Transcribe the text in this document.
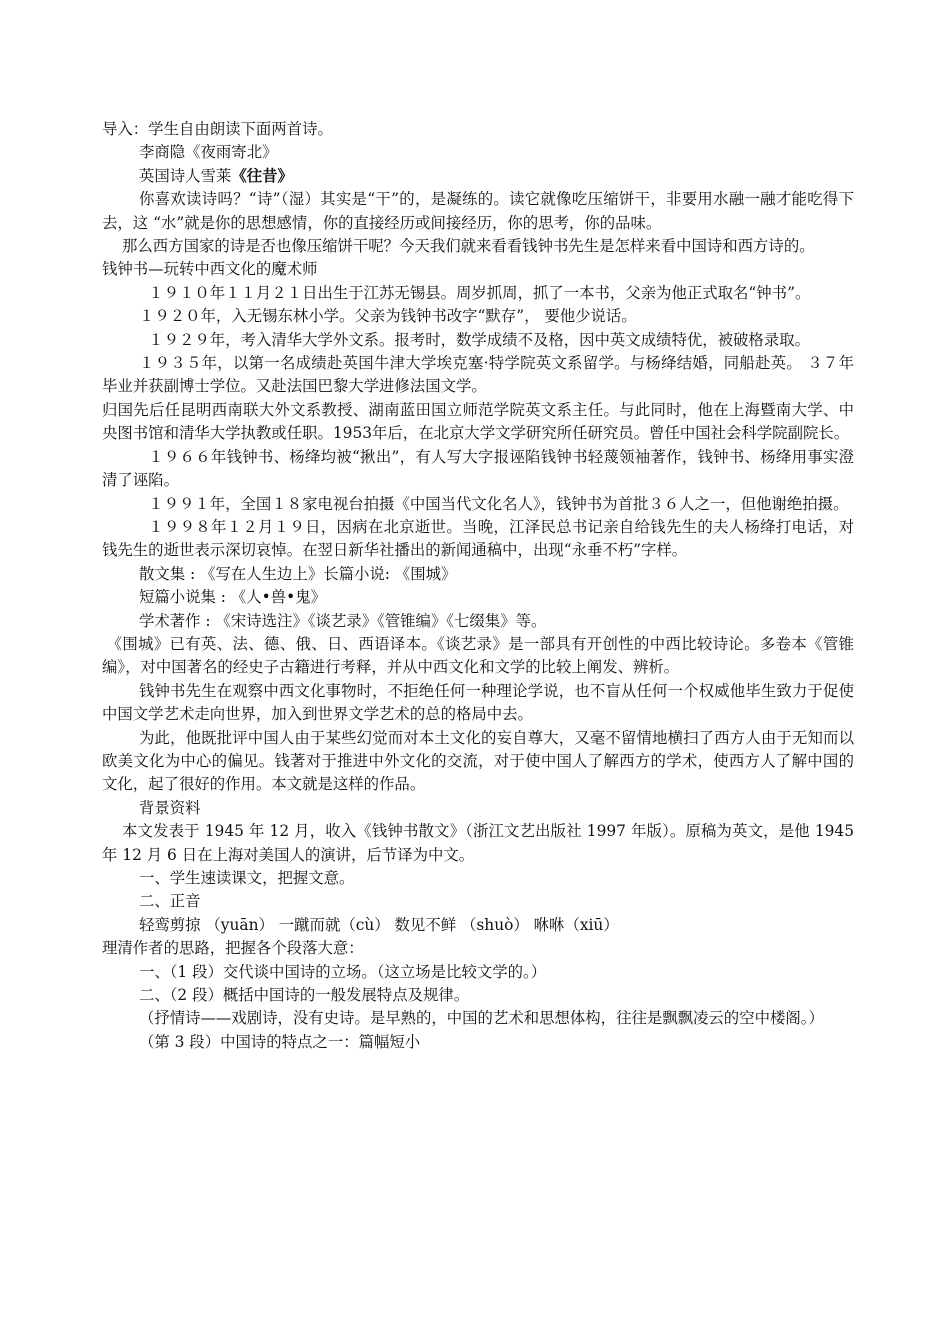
导入：学生自由朗读下面两首诗。

李商隐《夜雨寄北》

英国诗人雪莱《往昔》

你喜欢读诗吗？“诗”（湿）其实是“干”的，是凝练的。读它就像吃压缩饼干，非要用水融一融才能吃得下去，这 “水”就是你的思想感情，你的直接经历或间接经历，你的思考，你的品味。

那么西方国家的诗是否也像压缩饼干呢？今天我们就来看看钱钟书先生是怎样来看中国诗和西方诗的。

钱钟书—玩转中西文化的魔术师

１９１０年１１月２１日出生于江苏无锡县。周岁抓周，抓了一本书，父亲为他正式取名“钟书”。

１９２０年，入无锡东林小学。父亲为钱钟书改字“默存”， 要他少说话。

１９２９年，考入清华大学外文系。报考时，数学成绩不及格，因中英文成绩特优，被破格录取。

１９３５年，以第一名成绩赴英国牛津大学埃克塞·特学院英文系留学。与杨绛结婚，同船赴英。 ３７年毕业并获副博士学位。又赴法国巴黎大学进修法国文学。

归国先后任昆明西南联大外文系教授、湖南蓝田国立师范学院英文系主任。与此同时，他在上海暨南大学、中央图书馆和清华大学执教或任职。1953年后，在北京大学文学研究所任研究员。曾任中国社会科学院副院长。

１９６６年钱钟书、杨绛均被“揪出”，有人写大字报诬陷钱钟书轻蔑领袖著作，钱钟书、杨绛用事实澄清了诬陷。

１９９１年，全国１８家电视台拍摄《中国当代文化名人》，钱钟书为首批３６人之一，但他谢绝拍摄。

１９９８年１２月１９日，因病在北京逝世。当晚，江泽民总书记亲自给钱先生的夫人杨绛打电话，对钱先生的逝世表示深切哀悼。在翌日新华社播出的新闻通稿中，出现“永垂不朽”字样。

散文集 : 《写在人生边上》长篇小说: 《围城》

短篇小说集 : 《人•兽•鬼》

学术著作 : 《宋诗选注》《谈艺录》《管锥编》《七缀集》等。

《围城》已有英、法、德、俄、日、西语译本。《谈艺录》是一部具有开创性的中西比较诗论。多卷本《管锥编》，对中国著名的经史子古籍进行考释，并从中西文化和文学的比较上阐发、辨析。

钱钟书先生在观察中西文化事物时，不拒绝任何一种理论学说，也不盲从任何一个权威他毕生致力于促使中国文学艺术走向世界，加入到世界文学艺术的总的格局中去。

为此，他既批评中国人由于某些幻觉而对本土文化的妄自尊大，又毫不留情地横扫了西方人由于无知而以欧美文化为中心的偏见。钱著对于推进中外文化的交流，对于使中国人了解西方的学术，使西方人了解中国的文化，起了很好的作用。本文就是这样的作品。

背景资料

本文发表于 1945 年 12 月，收入《钱钟书散文》（浙江文艺出版社 1997 年版）。原稿为英文，是他 1945 年 12 月 6 日在上海对美国人的演讲，后节译为中文。

一、学生速读课文，把握文意。

二、正音

轻鸾剪掠 （yuān） 一蹴而就（cù） 数见不鲜 （shuò） 咻咻（xiū）

理清作者的思路，把握各个段落大意：

一、（1 段）交代谈中国诗的立场。（这立场是比较文学的。）

二、（2 段）概括中国诗的一般发展特点及规律。

（抒情诗——戏剧诗，没有史诗。是早熟的，中国的艺术和思想体构，往往是飘飘凌云的空中楼阁。）

（第 3 段）中国诗的特点之一：篇幅短小
